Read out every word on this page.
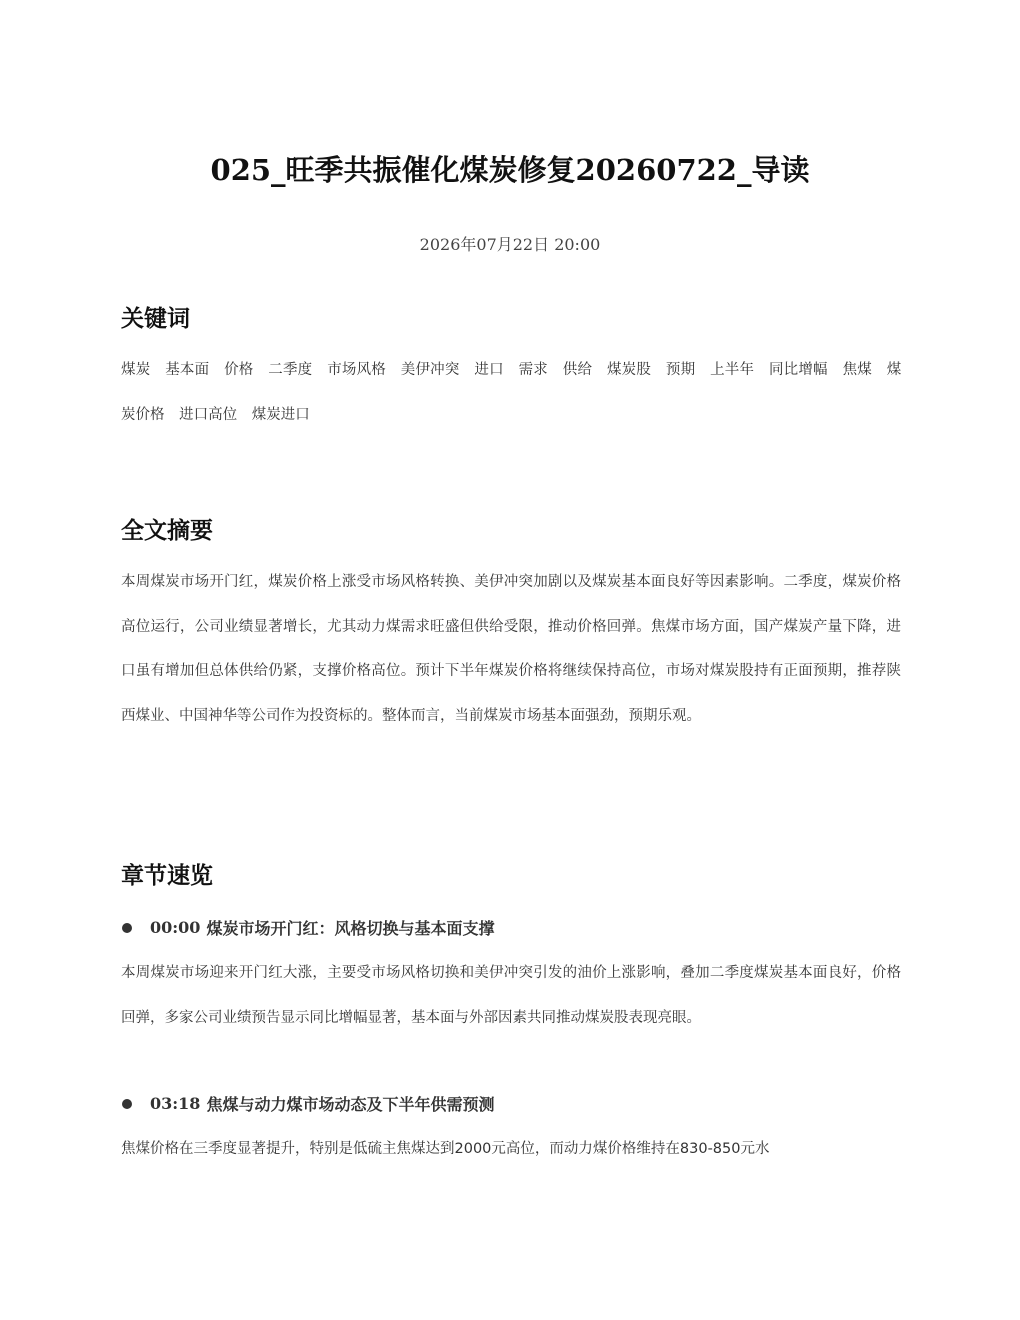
025_旺季共振催化煤炭修复20260722_导读
2026年07月22日 20:00
关键词
煤炭 基本面 价格 二季度 市场风格 美伊冲突 进口 需求 供给 煤炭股 预期 上半年 同比增幅 焦煤 煤炭价格 进口高位 煤炭进口
全文摘要
本周煤炭市场开门红，煤炭价格上涨受市场风格转换、美伊冲突加剧以及煤炭基本面良好等因素影响。二季度，煤炭价格高位运行，公司业绩显著增长，尤其动力煤需求旺盛但供给受限，推动价格回弹。焦煤市场方面，国产煤炭产量下降，进口虽有增加但总体供给仍紧，支撑价格高位。预计下半年煤炭价格将继续保持高位，市场对煤炭股持有正面预期，推荐陕西煤业、中国神华等公司作为投资标的。整体而言，当前煤炭市场基本面强劲，预期乐观。
章节速览
00:00 煤炭市场开门红：风格切换与基本面支撑
本周煤炭市场迎来开门红大涨，主要受市场风格切换和美伊冲突引发的油价上涨影响，叠加二季度煤炭基本面良好，价格回弹，多家公司业绩预告显示同比增幅显著，基本面与外部因素共同推动煤炭股表现亮眼。
03:18 焦煤与动力煤市场动态及下半年供需预测
焦煤价格在三季度显著提升，特别是低硫主焦煤达到2000元高位，而动力煤价格维持在830-850元水
